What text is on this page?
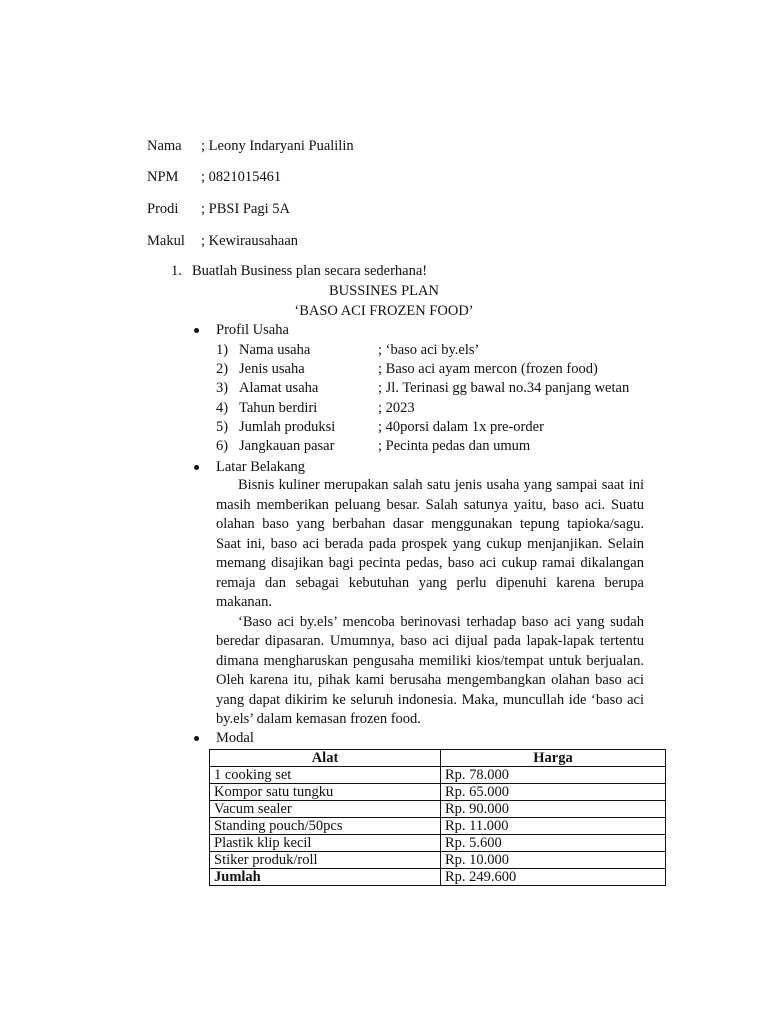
Nama ; Leony Indaryani Pualilin
NPM ; 0821015461
Prodi ; PBSI Pagi 5A
Makul ; Kewirausahaan
1. Buatlah Business plan secara sederhana!
BUSSINES PLAN
‘BASO ACI FROZEN FOOD’
Profil Usaha
1) Nama usaha	; ‘baso aci by.els’
2) Jenis usaha	; Baso aci ayam mercon (frozen food)
3) Alamat usaha	; Jl. Terinasi gg bawal no.34 panjang wetan
4) Tahun berdiri	; 2023
5) Jumlah produksi	; 40porsi dalam 1x pre-order
6) Jangkauan pasar	; Pecinta pedas dan umum
Latar Belakang

Bisnis kuliner merupakan salah satu jenis usaha yang sampai saat ini masih memberikan peluang besar. Salah satunya yaitu, baso aci. Suatu olahan baso yang berbahan dasar menggunakan tepung tapioka/sagu. Saat ini, baso aci berada pada prospek yang cukup menjanjikan. Selain memang disajikan bagi pecinta pedas, baso aci cukup ramai dikalangan remaja dan sebagai kebutuhan yang perlu dipenuhi karena berupa makanan.

‘Baso aci by.els’ mencoba berinovasi terhadap baso aci yang sudah beredar dipasaran. Umumnya, baso aci dijual pada lapak-lapak tertentu dimana mengharuskan pengusaha memiliki kios/tempat untuk berjualan. Oleh karena itu, pihak kami berusaha mengembangkan olahan baso aci yang dapat dikirim ke seluruh indonesia. Maka, muncullah ide ‘baso aci by.els’ dalam kemasan frozen food.

Modal
Alat	Harga
1 cooking set	Rp. 78.000
Kompor satu tungku	Rp. 65.000
Vacum sealer	Rp. 90.000
Standing pouch/50pcs	Rp. 11.000
Plastik klip kecil	Rp. 5.600
Stiker produk/roll	Rp. 10.000
Jumlah	Rp. 249.600
